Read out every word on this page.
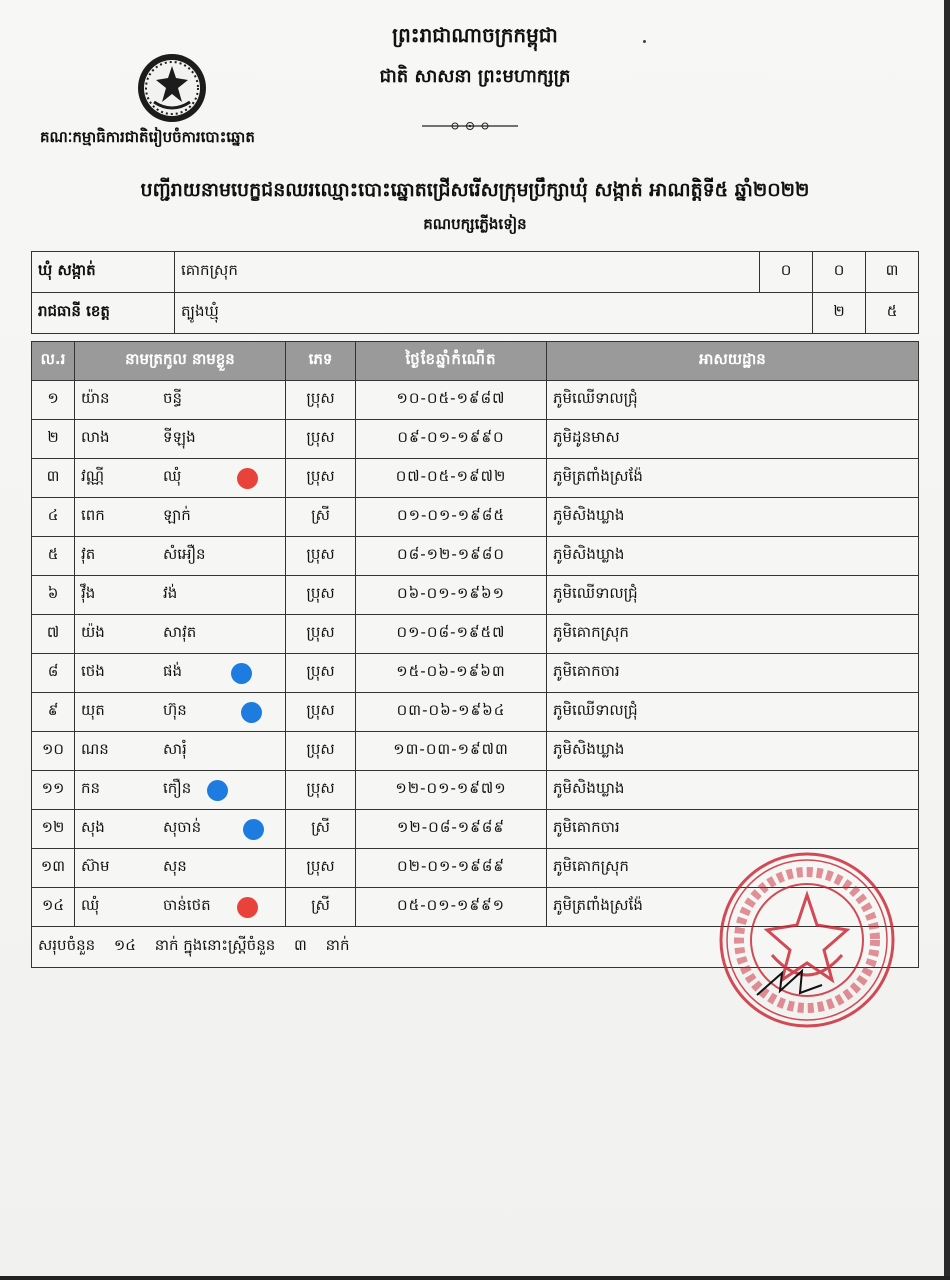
ព្រះរាជាណាចក្រកម្ពុជា
ជាតិ សាសនា ព្រះមហាក្សត្រ
គណៈកម្មាធិការជាតិរៀបចំការបោះឆ្នោត
បញ្ជីរាយនាមបេក្ខជនឈរឈ្មោះបោះឆ្នោតជ្រើសរើសក្រុមប្រឹក្សាឃុំ សង្កាត់ អាណត្តិទី៥ ឆ្នាំ២០២២
គណបក្សភ្លើងទៀន
ឃុំ សង្កាត់	គោកស្រុក	០	០	៣
រាជធានី ខេត្ត	ត្បូងឃ្មុំ		២	៥
ល.រ	នាមត្រកូល នាមខ្លួន	ភេទ	ថ្ងៃខែឆ្នាំកំណើត	អាសយដ្ឋាន
១	យ៉ាន ចន្ធី	ប្រុស	១០-០៥-១៩៨៧	ភូមិឈើទាលជ្រុំ
២	លាង ទីឡុង	ប្រុស	០៩-០១-១៩៩០	ភូមិដូនមាស
៣	វណ្ណី ឈុំ	ប្រុស	០៧-០៥-១៩៧២	ភូមិត្រពាំងស្រង៉ែ
៤	ពេក ឡាក់	ស្រី	០១-០១-១៩៨៥	ភូមិសិងឃ្លាង
៥	វុត សំអឿន	ប្រុស	០៨-១២-១៩៨០	ភូមិសិងឃ្លាង
៦	វ៉ឹង វង់	ប្រុស	០៦-០១-១៩៦១	ភូមិឈើទាលជ្រុំ
៧	យ៉ង សាវុត	ប្រុស	០១-០៨-១៩៥៧	ភូមិគោកស្រុក
៨	ថេង ផង់	ប្រុស	១៥-០៦-១៩៦៣	ភូមិគោកចារ
៩	យុត ហ៊ុន	ប្រុស	០៣-០៦-១៩៦៤	ភូមិឈើទាលជ្រុំ
១០	ណន សារុំ	ប្រុស	១៣-០៣-១៩៧៣	ភូមិសិងឃ្លាង
១១	កន កឿន	ប្រុស	១២-០១-១៩៧១	ភូមិសិងឃ្លាង
១២	សុង សុចាន់	ស្រី	១២-០៨-១៩៨៩	ភូមិគោកចារ
១៣	ស៊ាម សុន	ប្រុស	០២-០១-១៩៨៩	ភូមិគោកស្រុក
១៤	ឈុំ ចាន់ថេត	ស្រី	០៥-០១-១៩៩១	ភូមិត្រពាំងស្រង៉ែ
សរុបចំនួន ១៤ នាក់ ក្នុងនោះស្ត្រីចំនួន ៣ នាក់				
